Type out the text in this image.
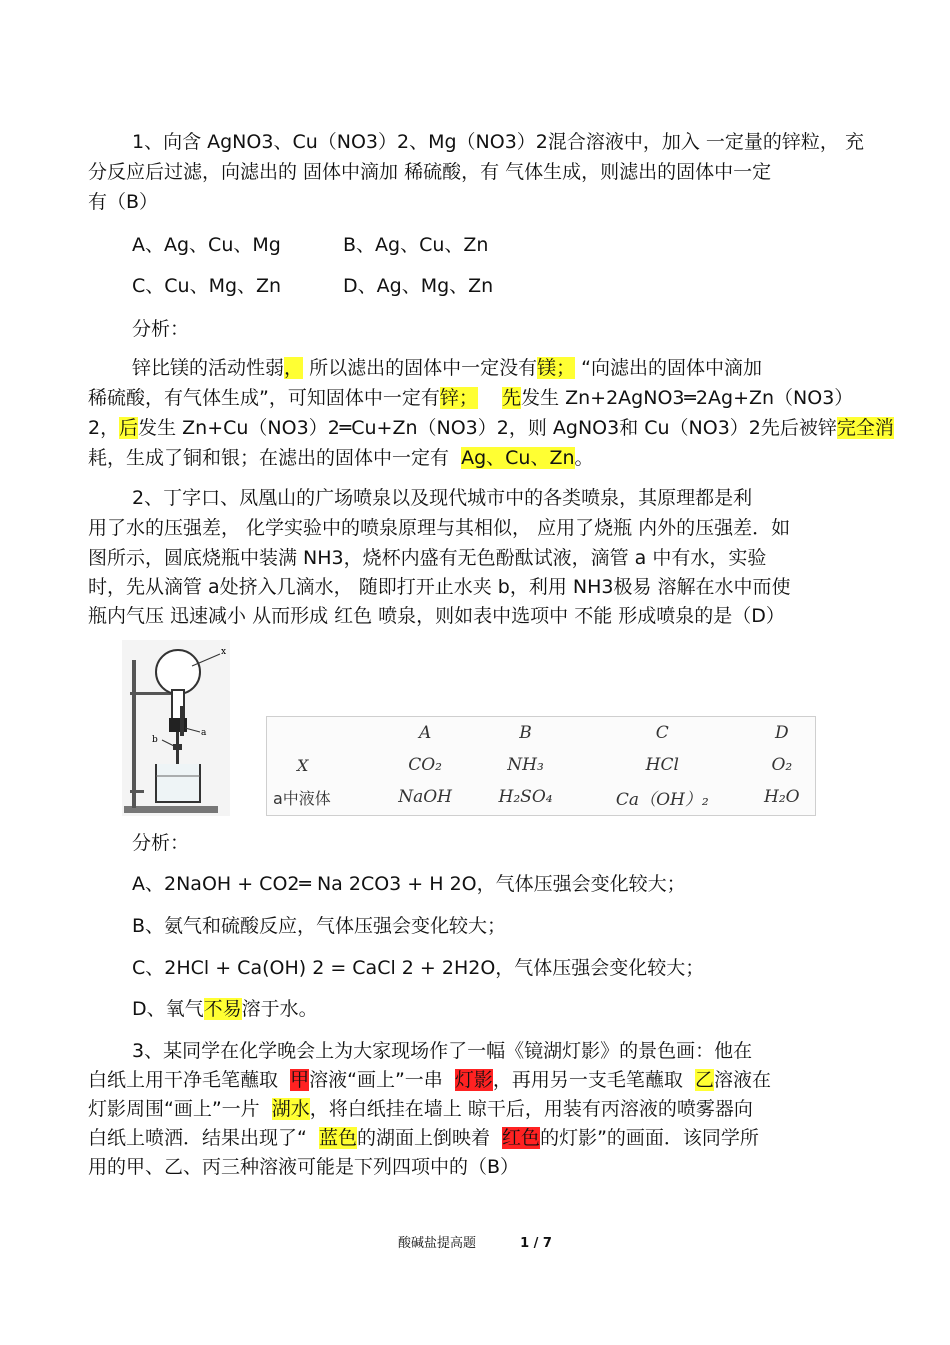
1、向含 AgNO3、Cu（NO3）2、Mg（NO3）2混合溶液中，加入 一定量的锌粒， 充
分反应后过滤，向滤出的 固体中滴加 稀硫酸，有 气体生成，则滤出的固体中一定
有（B）
A、Ag、Cu、Mg	B、Ag、Cu、Zn
C、Cu、Mg、Zn	D、Ag、Mg、Zn
分析：
锌比镁的活动性弱， 所以滤出的固体中一定没有镁； “向滤出的固体中滴加
稀硫酸，有气体生成”，可知固体中一定有锌； 先发生 Zn+2AgNO3═2Ag+Zn（NO3）
2，后发生 Zn+Cu（NO3）2═Cu+Zn（NO3）2，则 AgNO3和 Cu（NO3）2先后被锌完全消
耗，生成了铜和银；在滤出的固体中一定有  Ag、Cu、Zn。
2、丁字口、凤凰山的广场喷泉以及现代城市中的各类喷泉，其原理都是利
用了水的压强差， 化学实验中的喷泉原理与其相似， 应用了烧瓶 内外的压强差．如
图所示，圆底烧瓶中装满 NH3，烧杯内盛有无色酚酞试液，滴管 a 中有水，实验
时，先从滴管 a处挤入几滴水， 随即打开止水夹 b，利用 NH3极易 溶解在水中而使
瓶内气压 迅速减小 从而形成 红色 喷泉，则如表中选项中 不能 形成喷泉的是（D）
x
a
b
		A	B	C	D
X	CO₂	NH₃	HCl	O₂
a中液体	NaOH	H₂SO₄	Ca（OH）₂	H₂O
分析：
A、2NaOH + CO2═ Na 2CO3 + H 2O，气体压强会变化较大；
B、氨气和硫酸反应，气体压强会变化较大；
C、2HCl + Ca(OH) 2 = CaCl 2 + 2H2O，气体压强会变化较大；
D、氧气不易溶于水。
3、某同学在化学晚会上为大家现场作了一幅《镜湖灯影》的景色画：他在
白纸上用干净毛笔蘸取  甲溶液“画上”一串  灯影，再用另一支毛笔蘸取  乙溶液在
灯影周围“画上”一片  湖水，将白纸挂在墙上 晾干后，用装有丙溶液的喷雾器向
白纸上喷洒．结果出现了“  蓝色的湖面上倒映着  红色的灯影”的画面．该同学所
用的甲、乙、丙三种溶液可能是下列四项中的（B）
酸碱盐提高题	1 / 7
